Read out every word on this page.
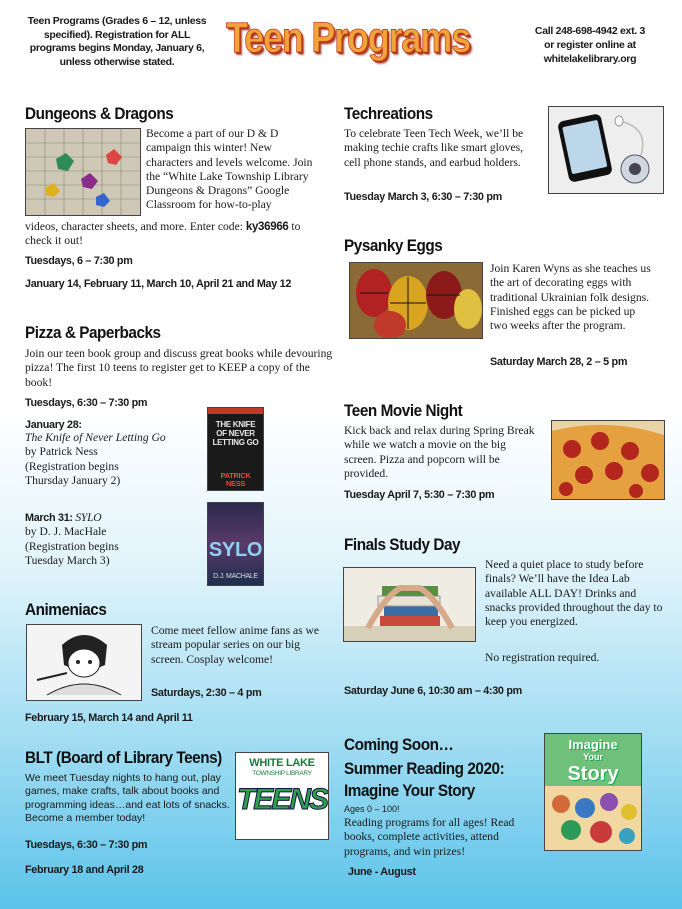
Teen Programs (Grades 6 – 12, unless specified). Registration for ALL programs begins Monday, January 6, unless otherwise stated.	Teen Programs	Call 248-698-4942 ext. 3
or register online at
whitelakelibrary.org
Dungeons & Dragons
Become a part of our D & D campaign this winter! New characters and levels welcome. Join the “White Lake Township Library Dungeons & Dragons” Google Classroom for how-to-play
videos, character sheets, and more. Enter code: ky36966 to check it out!
Tuesdays, 6 – 7:30 pm
January 14, February 11, March 10, April 21 and May 12
Pizza & Paperbacks
Join our teen book group and discuss great books while devouring pizza! The first 10 teens to register get to KEEP a copy of the book!
Tuesdays, 6:30 – 7:30 pm
January 28:
The Knife of Never Letting Go
by Patrick Ness
(Registration begins Thursday January 2)
THE KNIFE OF NEVER LETTING GO
PATRICK NESS
March 31: SYLO
by D. J. MacHale
(Registration begins Tuesday March 3)	SYLO
D.J. MACHALE
Animeniacs
Come meet fellow anime fans as we stream popular series on our big screen. Cosplay welcome!
Saturdays, 2:30 – 4 pm
February 15, March 14 and April 11
BLT (Board of Library Teens)
We meet Tuesday nights to hang out, play games, make crafts, talk about books and programming ideas…and eat lots of snacks. Become a member today!
Tuesdays, 6:30 – 7:30 pm
February 18 and April 28
WHITE LAKE
TOWNSHIP LIBRARY
TEENS
Techreations
To celebrate Teen Tech Week, we’ll be making techie crafts like smart gloves, cell phone stands, and earbud holders.
Tuesday March 3, 6:30 – 7:30 pm
Pysanky Eggs
Join Karen Wyns as she teaches us the art of decorating eggs with traditional Ukrainian folk designs. Finished eggs can be picked up two weeks after the program.
Saturday March 28, 2 – 5 pm
Teen Movie Night
Kick back and relax during Spring Break while we watch a movie on the big screen. Pizza and popcorn will be provided.
Tuesday April 7, 5:30 – 7:30 pm
Finals Study Day
Need a quiet place to study before finals? We’ll have the Idea Lab available ALL DAY! Drinks and snacks provided throughout the day to keep you energized.
No registration required.
Saturday June 6, 10:30 am – 4:30 pm
Coming Soon…
Summer Reading 2020:
Imagine Your Story
Ages 0 – 100!
Reading programs for all ages! Read books, complete activities, attend programs, and win prizes!
June - August
Imagine
Your
Story
